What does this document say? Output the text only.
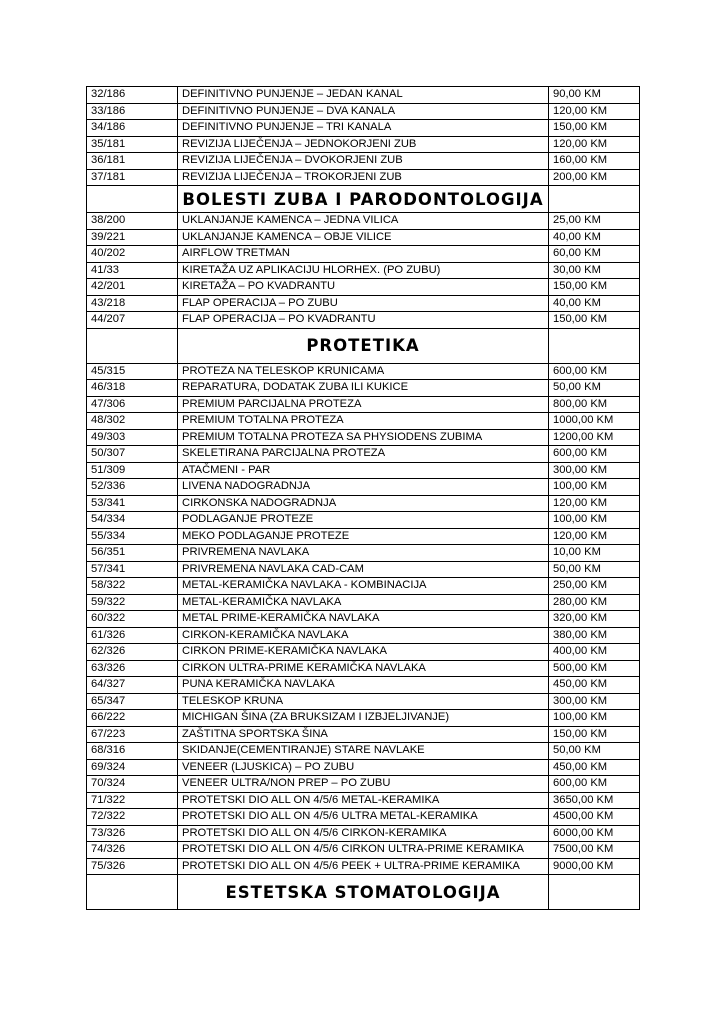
32/186	DEFINITIVNO PUNJENJE – JEDAN KANAL	90,00 KM
33/186	DEFINITIVNO PUNJENJE – DVA KANALA	120,00 KM
34/186	DEFINITIVNO PUNJENJE – TRI KANALA	150,00 KM
35/181	REVIZIJA LIJEČENJA – JEDNOKORJENI ZUB	120,00 KM
36/181	REVIZIJA LIJEČENJA – DVOKORJENI ZUB	160,00 KM
37/181	REVIZIJA LIJEČENJA – TROKORJENI ZUB	200,00 KM
	BOLESTI ZUBA I PARODONTOLOGIJA	
38/200	UKLANJANJE KAMENCA – JEDNA VILICA	25,00 KM
39/221	UKLANJANJE KAMENCA – OBJE VILICE	40,00 KM
40/202	AIRFLOW TRETMAN	60,00 KM
41/33	KIRETAŽA UZ APLIKACIJU HLORHEX. (PO ZUBU)	30,00 KM
42/201	KIRETAŽA – PO KVADRANTU	150,00 KM
43/218	FLAP OPERACIJA – PO ZUBU	40,00 KM
44/207	FLAP OPERACIJA – PO KVADRANTU	150,00 KM
	PROTETIKA	
45/315	PROTEZA NA TELESKOP KRUNICAMA	600,00 KM
46/318	REPARATURA, DODATAK ZUBA ILI KUKICE	50,00 KM
47/306	PREMIUM PARCIJALNA PROTEZA	800,00 KM
48/302	PREMIUM TOTALNA PROTEZA	1000,00 KM
49/303	PREMIUM TOTALNA PROTEZA SA PHYSIODENS ZUBIMA	1200,00 KM
50/307	SKELETIRANA PARCIJALNA PROTEZA	600,00 KM
51/309	ATAČMENI - PAR	300,00 KM
52/336	LIVENA NADOGRADNJA	100,00 KM
53/341	CIRKONSKA NADOGRADNJA	120,00 KM
54/334	PODLAGANJE PROTEZE	100,00 KM
55/334	MEKO PODLAGANJE PROTEZE	120,00 KM
56/351	PRIVREMENA NAVLAKA	10,00 KM
57/341	PRIVREMENA NAVLAKA CAD-CAM	50,00 KM
58/322	METAL-KERAMIČKA NAVLAKA - KOMBINACIJA	250,00 KM
59/322	METAL-KERAMIČKA NAVLAKA	280,00 KM
60/322	METAL PRIME-KERAMIČKA NAVLAKA	320,00 KM
61/326	CIRKON-KERAMIČKA NAVLAKA	380,00 KM
62/326	CIRKON PRIME-KERAMIČKA NAVLAKA	400,00 KM
63/326	CIRKON ULTRA-PRIME KERAMIČKA NAVLAKA	500,00 KM
64/327	PUNA KERAMIČKA NAVLAKA	450,00 KM
65/347	TELESKOP KRUNA	300,00 KM
66/222	MICHIGAN ŠINA (ZA BRUKSIZAM I IZBJELJIVANJE)	100,00 KM
67/223	ZAŠTITNA SPORTSKA ŠINA	150,00 KM
68/316	SKIDANJE(CEMENTIRANJE) STARE NAVLAKE	50,00 KM
69/324	VENEER (LJUSKICA) – PO ZUBU	450,00 KM
70/324	VENEER ULTRA/NON PREP – PO ZUBU	600,00 KM
71/322	PROTETSKI DIO ALL ON 4/5/6 METAL-KERAMIKA	3650,00 KM
72/322	PROTETSKI DIO ALL ON 4/5/6 ULTRA METAL-KERAMIKA	4500,00 KM
73/326	PROTETSKI DIO ALL ON 4/5/6 CIRKON-KERAMIKA	6000,00 KM
74/326	PROTETSKI DIO ALL ON 4/5/6 CIRKON ULTRA-PRIME KERAMIKA	7500,00 KM
75/326	PROTETSKI DIO ALL ON 4/5/6 PEEK + ULTRA-PRIME KERAMIKA	9000,00 KM
	ESTETSKA STOMATOLOGIJA	
